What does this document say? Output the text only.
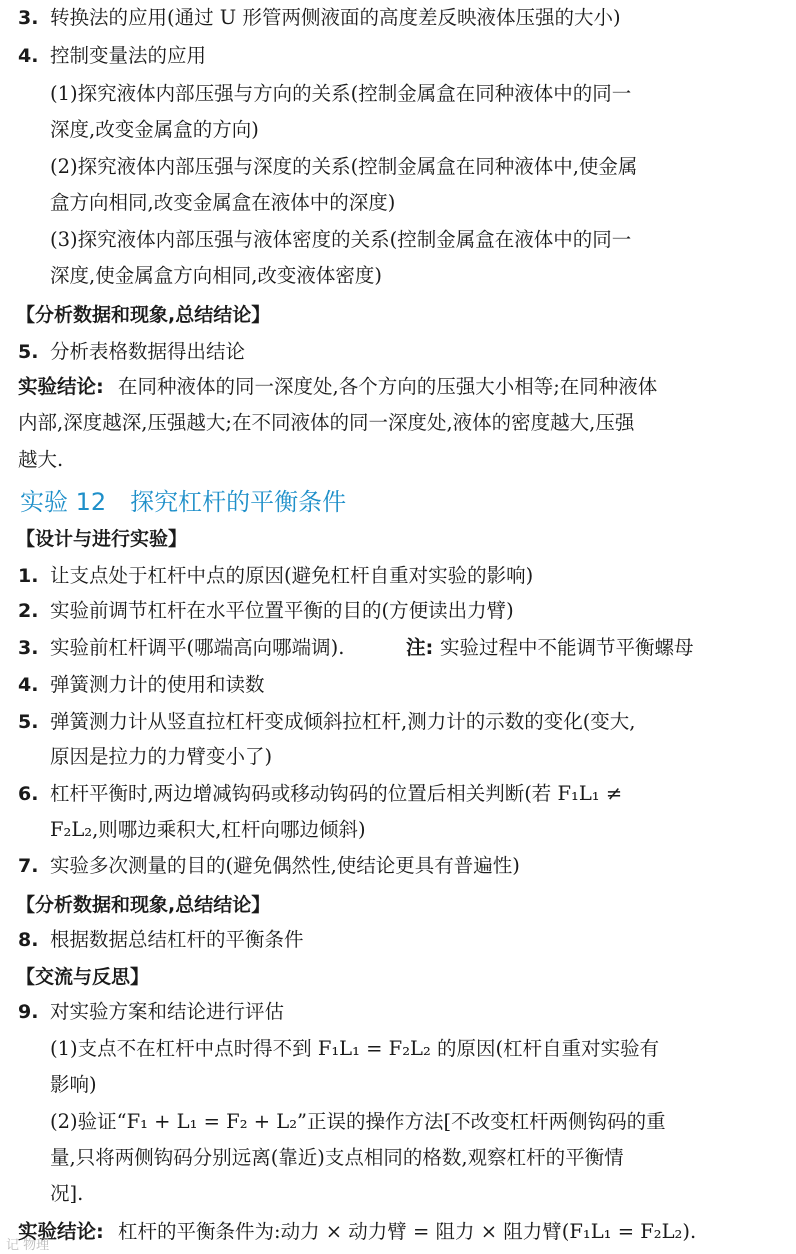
3. 转换法的应用(通过 U 形管两侧液面的高度差反映液体压强的大小)
4. 控制变量法的应用
(1)探究液体内部压强与方向的关系(控制金属盒在同种液体中的同一
深度,改变金属盒的方向)
(2)探究液体内部压强与深度的关系(控制金属盒在同种液体中,使金属
盒方向相同,改变金属盒在液体中的深度)
(3)探究液体内部压强与液体密度的关系(控制金属盒在液体中的同一
深度,使金属盒方向相同,改变液体密度)
【分析数据和现象,总结结论】
5. 分析表格数据得出结论
实验结论: 在同种液体的同一深度处,各个方向的压强大小相等;在同种液体
内部,深度越深,压强越大;在不同液体的同一深度处,液体的密度越大,压强
越大.
实验 12　探究杠杆的平衡条件
【设计与进行实验】
1. 让支点处于杠杆中点的原因(避免杠杆自重对实验的影响)
2. 实验前调节杠杆在水平位置平衡的目的(方便读出力臂)
3. 实验前杠杆调平(哪端高向哪端调).	注: 实验过程中不能调节平衡螺母
4. 弹簧测力计的使用和读数
5. 弹簧测力计从竖直拉杠杆变成倾斜拉杠杆,测力计的示数的变化(变大,
原因是拉力的力臂变小了)
6. 杠杆平衡时,两边增减钩码或移动钩码的位置后相关判断(若 F₁L₁ ≠
F₂L₂,则哪边乘积大,杠杆向哪边倾斜)
7. 实验多次测量的目的(避免偶然性,使结论更具有普遍性)
【分析数据和现象,总结结论】
8. 根据数据总结杠杆的平衡条件
【交流与反思】
9. 对实验方案和结论进行评估
(1)支点不在杠杆中点时得不到 F₁L₁ = F₂L₂ 的原因(杠杆自重对实验有
影响)
(2)验证“F₁ + L₁ = F₂ + L₂”正误的操作方法[不改变杠杆两侧钩码的重
量,只将两侧钩码分别远离(靠近)支点相同的格数,观察杠杆的平衡情
况].
实验结论: 杠杆的平衡条件为:动力 × 动力臂 = 阻力 × 阻力臂(F₁L₁ = F₂L₂).
记 物理
